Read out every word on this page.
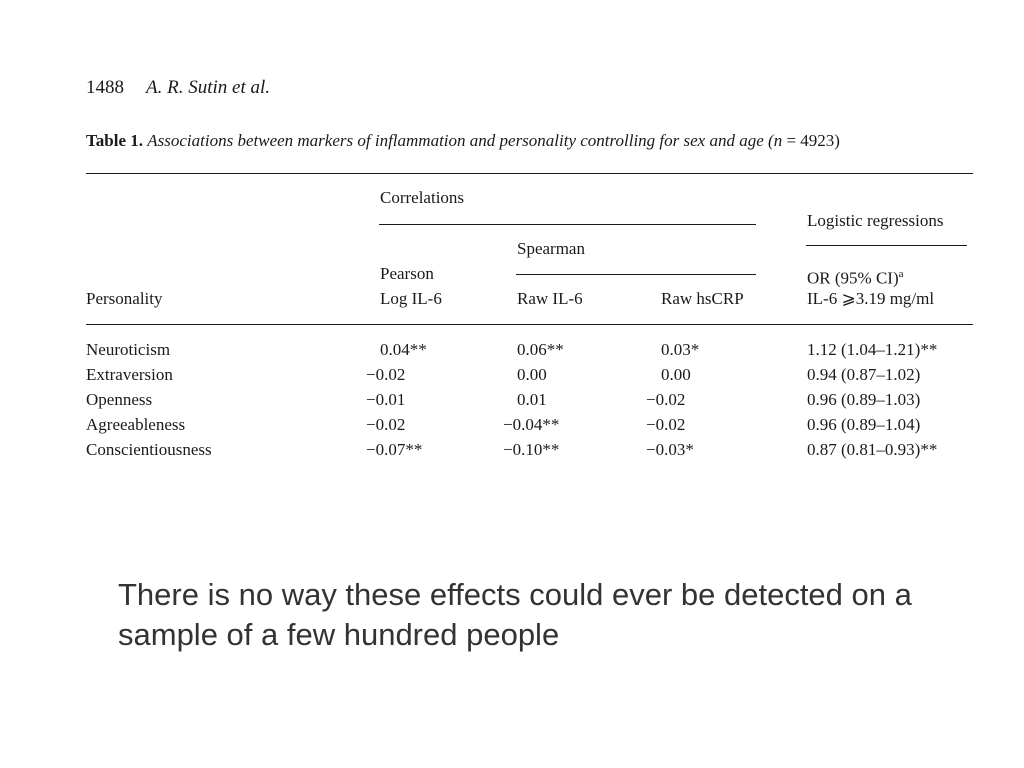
1488 A. R. Sutin et al.
Table 1. Associations between markers of inflammation and personality controlling for sex and age (n = 4923)
Correlations
Logistic regressions
Spearman
Pearson	OR (95% CI)$^a$
Personality	Log IL-6	Raw IL-6	Raw hsCRP	IL-6 ⩾3.19 mg/ml
Neuroticism	0.04**	0.06**	0.03*	1.12 (1.04–1.21)**
Extraversion	−0.02	0.00	0.00	0.94 (0.87–1.02)
Openness	−0.01	0.01	−0.02	0.96 (0.89–1.03)
Agreeableness	−0.02	−0.04**	−0.02	0.96 (0.89–1.04)
Conscientiousness	−0.07**	−0.10**	−0.03*	0.87 (0.81–0.93)**
There is no way these effects could ever be detected on a sample of a few hundred people
